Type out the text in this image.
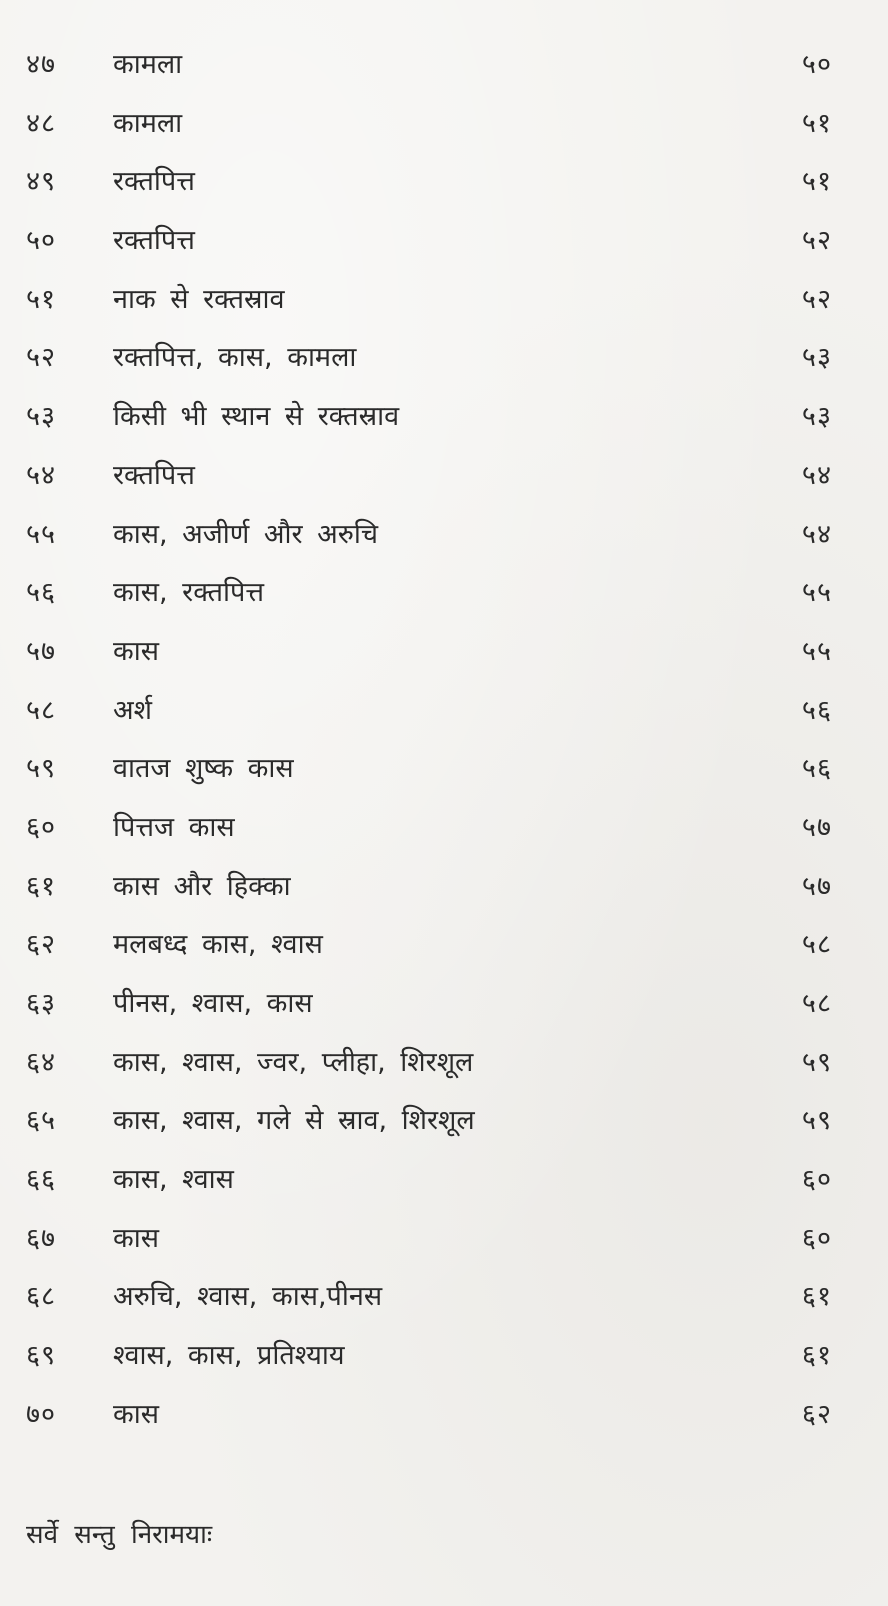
४७ कामला	५०
४८ कामला	५१
४९ रक्तपित्त	५१
५० रक्तपित्त	५२
५१ नाक से रक्तस्राव	५२
५२ रक्तपित्त, कास, कामला	५३
५३ किसी भी स्थान से रक्तस्राव	५३
५४ रक्तपित्त	५४
५५ कास, अजीर्ण और अरुचि	५४
५६ कास, रक्तपित्त	५५
५७ कास	५५
५८ अर्श	५६
५९ वातज शुष्क कास	५६
६० पित्तज कास	५७
६१ कास और हिक्का	५७
६२ मलबध्द कास, श्वास	५८
६३ पीनस, श्वास, कास	५८
६४ कास, श्वास, ज्वर, प्लीहा, शिरशूल	५९
६५ कास, श्वास, गले से स्राव, शिरशूल	५९
६६ कास, श्वास	६०
६७ कास	६०
६८ अरुचि, श्वास, कास,पीनस	६१
६९ श्वास, कास, प्रतिश्याय	६१
७० कास	६२
सर्वे सन्तु निरामयाः
